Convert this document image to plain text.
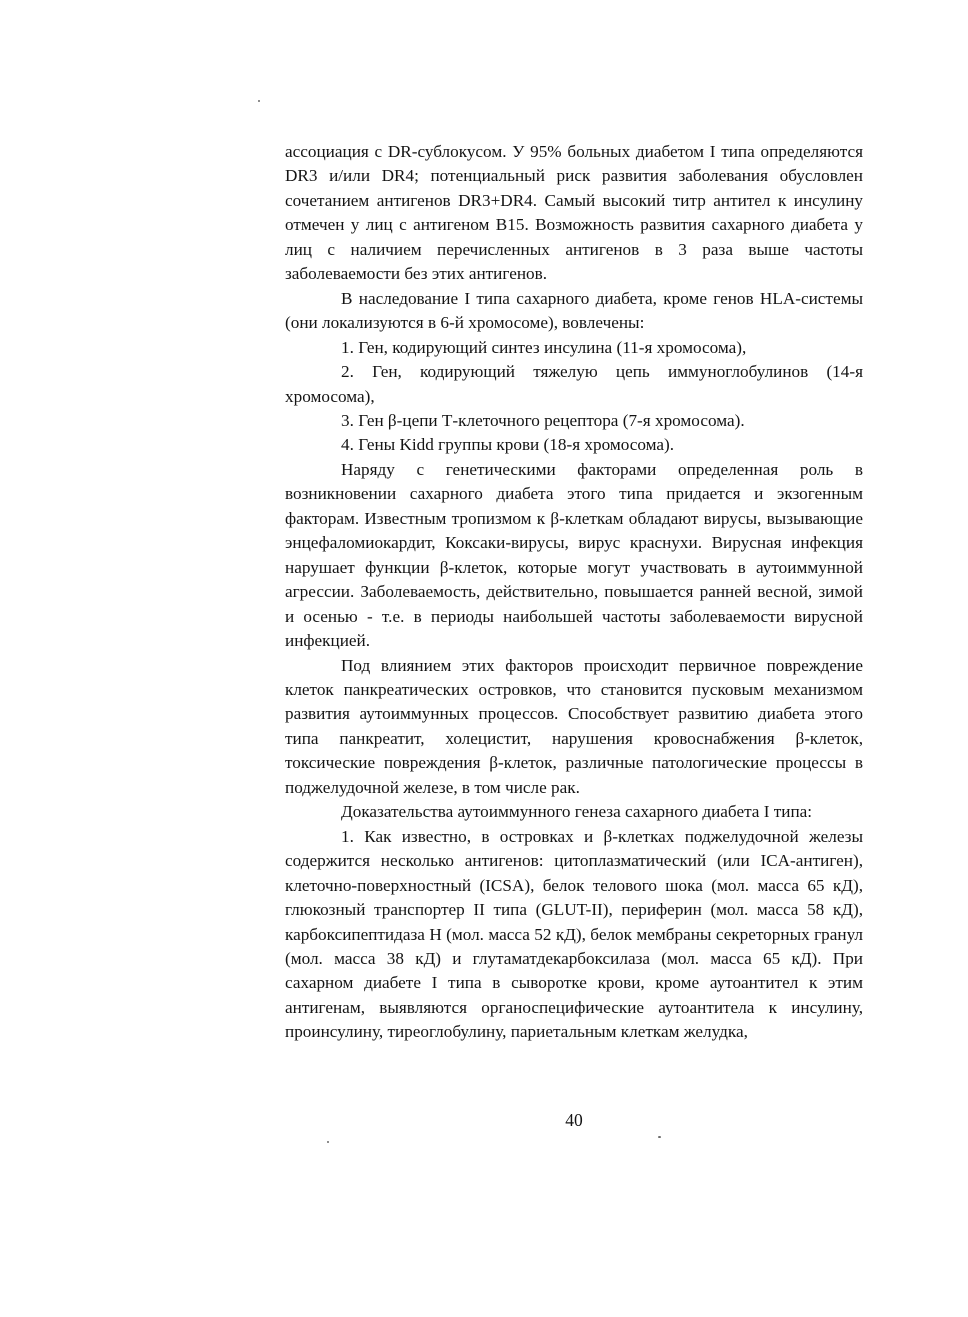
ассоциация с DR-сублокусом. У 95% больных диабетом I типа определяются DR3 и/или DR4; потенциальный риск развития заболевания обусловлен сочетанием антигенов DR3+DR4. Самый высокий титр антител к инсулину отмечен у лиц с антигеном B15. Возможность развития сахарного диабета у лиц с наличием перечисленных антигенов в 3 раза выше частоты заболеваемости без этих антигенов.

В наследование I типа сахарного диабета, кроме генов HLA-системы (они локализуются в 6-й хромосоме), вовлечены:

1. Ген, кодирующий синтез инсулина (11-я хромосома),

2. Ген, кодирующий тяжелую цепь иммуноглобулинов (14-я хромосома),

3. Ген β-цепи Т-клеточного рецептора (7-я хромосома).

4. Гены Kidd группы крови (18-я хромосома).

Наряду с генетическими факторами определенная роль в возникновении сахарного диабета этого типа придается и экзогенным факторам. Известным тропизмом к β-клеткам обладают вирусы, вызывающие энцефаломиокардит, Коксаки-вирусы, вирус краснухи. Вирусная инфекция нарушает функции β-клеток, которые могут участвовать в аутоиммунной агрессии. Заболеваемость, действительно, повышается ранней весной, зимой и осенью - т.е. в периоды наибольшей частоты заболеваемости вирусной инфекцией.

Под влиянием этих факторов происходит первичное повреждение клеток панкреатических островков, что становится пусковым механизмом развития аутоиммунных процессов. Способствует развитию диабета этого типа панкреатит, холецистит, нарушения кровоснабжения β-клеток, токсические повреждения β-клеток, различные патологические процессы в поджелудочной железе, в том числе рак.

Доказательства аутоиммунного генеза сахарного диабета I типа:

1. Как известно, в островках и β-клетках поджелудочной железы содержится несколько антигенов: цитоплазматический (или ICA-антиген), клеточно-поверхностный (ICSA), белок телового шока (мол. масса 65 кД), глюкозный транспортер II типа (GLUT-II), периферин (мол. масса 58 кД), карбоксипептидаза H (мол. масса 52 кД), белок мембраны секреторных гранул (мол. масса 38 кД) и глутаматдекарбоксилаза (мол. масса 65 кД). При сахарном диабете I типа в сыворотке крови, кроме аутоантител к этим антигенам, выявляются органоспецифические аутоантитела к инсулину, проинсулину, тиреоглобулину, париетальным клеткам желудка,

40
